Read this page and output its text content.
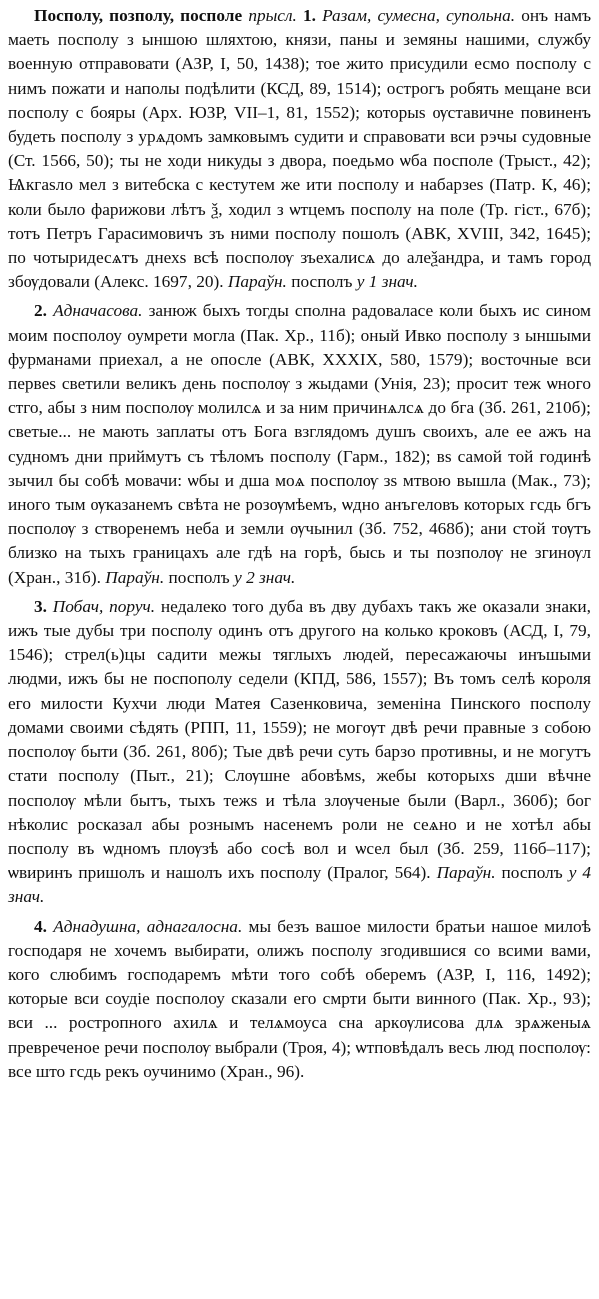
Посполу, позполу, посполе прысл. 1. Разам, сумесна, супольна. онъ намъ маеть посполу з ыншою шляхтою, князи, паны и земяны нашими, службу военную отправовати (АЗР, I, 50, 1438); тое жито присудили есмо посполу с нимъ пожати и наполы подѣлити (КСД, 89, 1514); острогъ робять мещане вси посполу с бояры (Арх. ЮЗР, VII–1, 81, 1552); которыѕ ѹставичне повиненъ будеть посполу з урѧдомъ замковымъ судити и справовати вси рэчы судовные (Ст. 1566, 50); ты не ходи никуды з двора, поедьмо ѡба посполе (Трыст., 42); Ѩкгаѕло мел з витебска с кестутем же ити посполу и набарзеѕ (Патр. К, 46); коли было фарижови лѣтъ ѯ, ходил з ѡтцемъ посполу на поле (Тр. гіст., 67б); тотъ Петръ Гарасимовичъ зъ ними посполу пошолъ (АВК, XVIII, 342, 1645); по чотыридесѧтъ днехѕ всѣ посполѹ зъехалисѧ до алеѯандра, и тамъ город збѹдовали (Алекс. 1697, 20). Параўн. посполъ у 1 знач.

2. Адначасова. занюж быхъ тогды сполна радоваласе коли быхъ ис сином моим посполоу оумрети могла (Пак. Хр., 11б); оный Ивко посполу з ыншыми фурманами приехал, а не опосле (АВК, XXXIX, 580, 1579); восточные вси первеѕ светили великъ день посполѹ з жыдами (Унія, 23); просит теж ѡного стго, абы з ним посполѹ молилсѧ и за ним причинѧлсѧ до бга (Зб. 261, 210б); светые... не мають заплаты отъ Бога взглядомъ душъ своихъ, але ее ажъ на судномъ дни приймутъ съ тѣломъ посполу (Гарм., 182); вѕ самой той годинѣ зычил бы собѣ мовачи: ѡбы и дша моѧ посполѹ зѕ мтвою вышла (Мак., 73); иного тым ѹказанемъ свѣта не розѹмѣемъ, ѡдно анъгеловъ которых гсдь бгъ посполѹ з створенемъ неба и земли ѹчынил (Зб. 752, 468б); ани стой тѹтъ близко на тыхъ границахъ але гдѣ на горѣ, бысь и ты позполѹ не згинѹл (Хран., 31б). Параўн. посполъ у 2 знач.

3. Побач, поруч. недалеко того дуба въ дву дубахъ такъ же оказали знаки, ижъ тые дубы три посполу одинъ отъ другого на колько кроковъ (АСД, I, 79, 1546); стрел(ь)цы садити межы тяглыхъ людей, пересажаючы инъшыми людми, ижъ бы не поспополу седели (КПД, 586, 1557); Въ томъ селѣ короля его милости Кухчи люди Матея Сазенковича, земеніна Пинского посполу домами своими сѣдять (РПП, 11, 1559); не могѹт двѣ речи правные з собою посполѹ быти (Зб. 261, 80б); Тые двѣ речи суть барзо противны, и не могутъ стати посполу (Пыт., 21); Слѹшне абовѣмѕ, жебы которыхѕ дши вѣчне посполѹ мѣли бытъ, тыхъ тежѕ и тѣла злѹченые были (Варл., 360б); бог нѣколис росказал абы рознымъ насенемъ роли не сеѧно и не хотѣл абы посполу въ ѡдномъ плѹзѣ або сосѣ вол и ѡсел был (Зб. 259, 116б–117); ѡвиринъ пришолъ и нашолъ ихъ посполу (Пралог, 564). Параўн. посполъ у 4 знач.

4. Аднадушна, аднагалосна. мы безъ вашое милости братьи нашое милоѣ господаря не хочемъ выбирати, олижъ посполу згодившися со всими вами, кого слюбимъ господаремъ мѣти того собѣ оберемъ (АЗР, I, 116, 1492); которые вси соудіе посполоу сказали его смрти быти винного (Пак. Хр., 93); вси ... ростропного ахилѧ и телѧмоуса сна аркѹлисова длѧ зрѧженыѧ превреченое речи посполѹ выбрали (Троя, 4); ѡтповѣдалъ весь люд посполѹ: все што гсдь рекъ оучинимо (Хран., 96).
